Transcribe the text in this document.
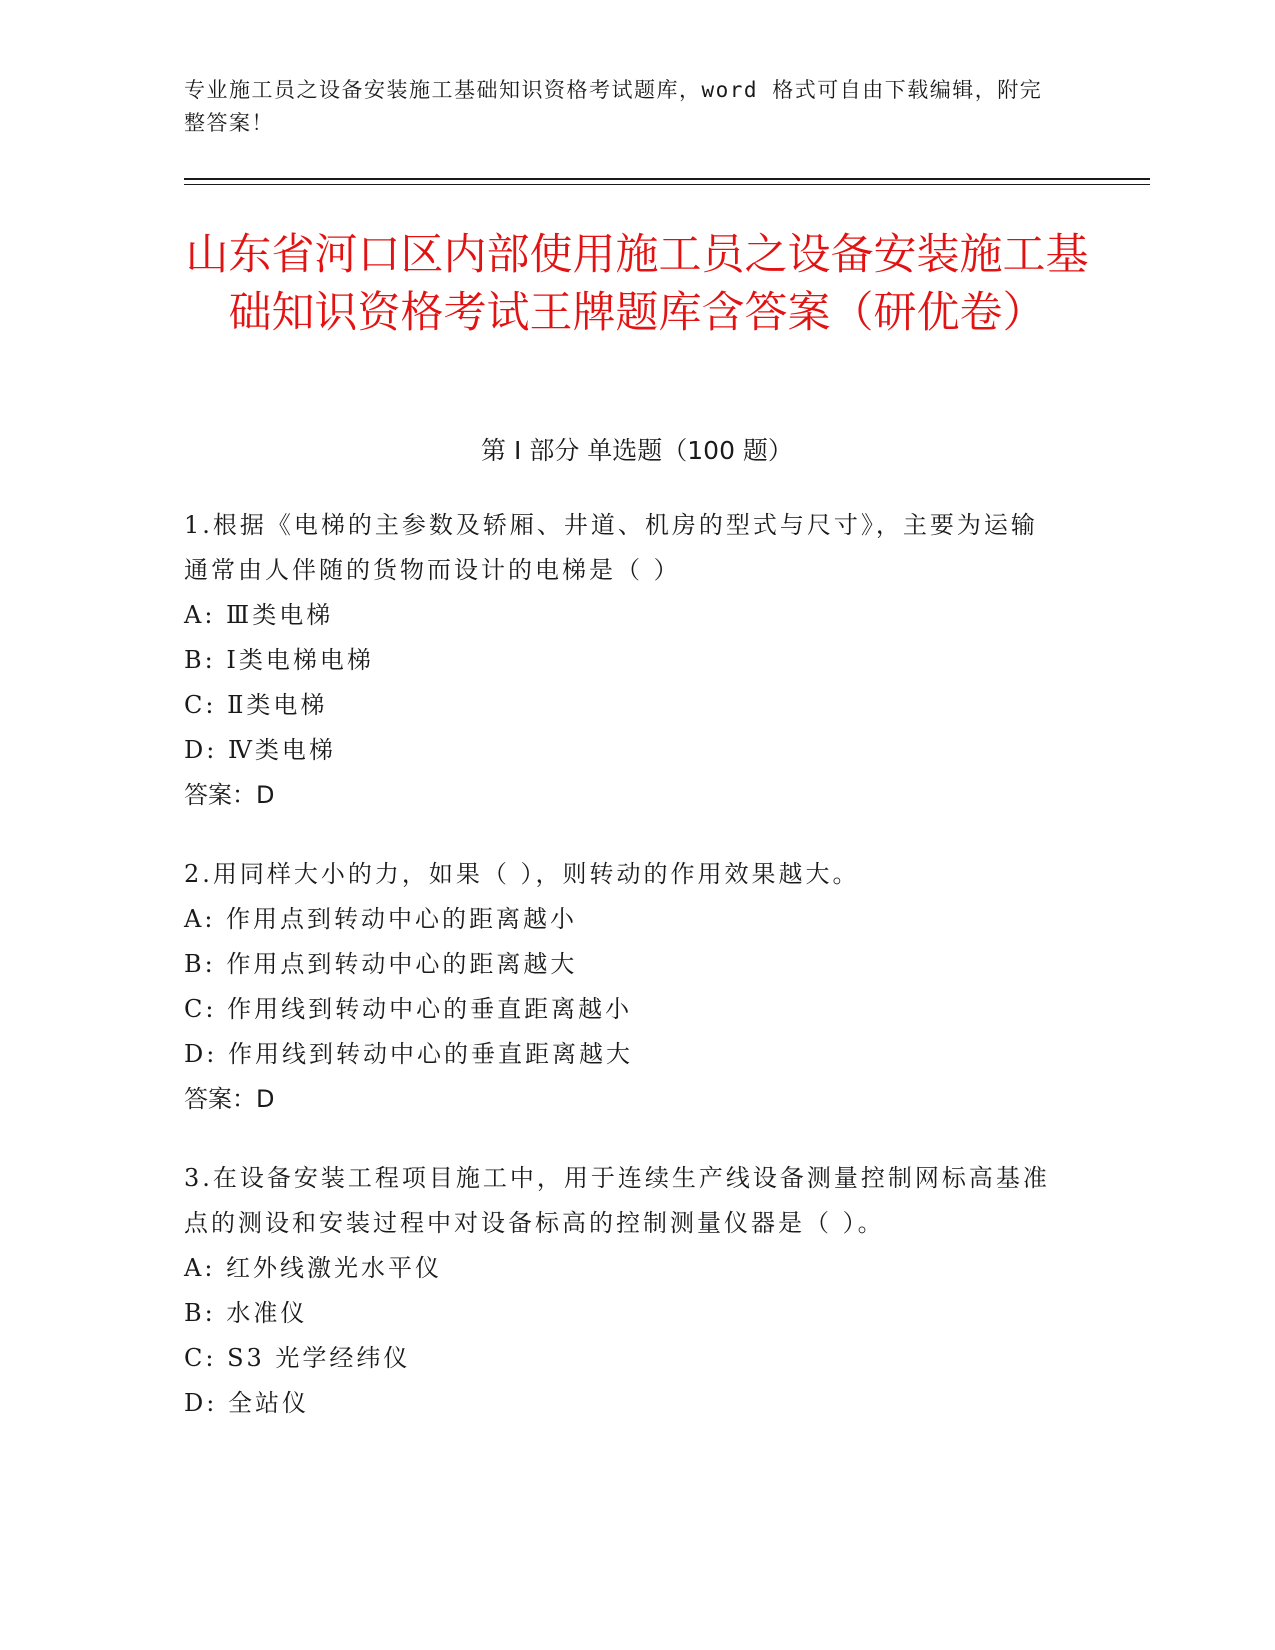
专业施工员之设备安装施工基础知识资格考试题库，word 格式可自由下载编辑，附完整答案！
山东省河口区内部使用施工员之设备安装施工基础知识资格考试王牌题库含答案（研优卷）
第 I 部分 单选题（100 题）

1.根据《电梯的主参数及轿厢、井道、机房的型式与尺寸》，主要为运输通常由人伴随的货物而设计的电梯是（ ）

A: Ⅲ类电梯

B: Ⅰ类电梯电梯

C: Ⅱ类电梯

D: Ⅳ类电梯

答案：D

2.用同样大小的力，如果（ ），则转动的作用效果越大。

A: 作用点到转动中心的距离越小

B: 作用点到转动中心的距离越大

C: 作用线到转动中心的垂直距离越小

D: 作用线到转动中心的垂直距离越大

答案：D

3.在设备安装工程项目施工中，用于连续生产线设备测量控制网标高基准点的测设和安装过程中对设备标高的控制测量仪器是（ ）。

A: 红外线激光水平仪

B: 水准仪

C: S3 光学经纬仪

D: 全站仪
